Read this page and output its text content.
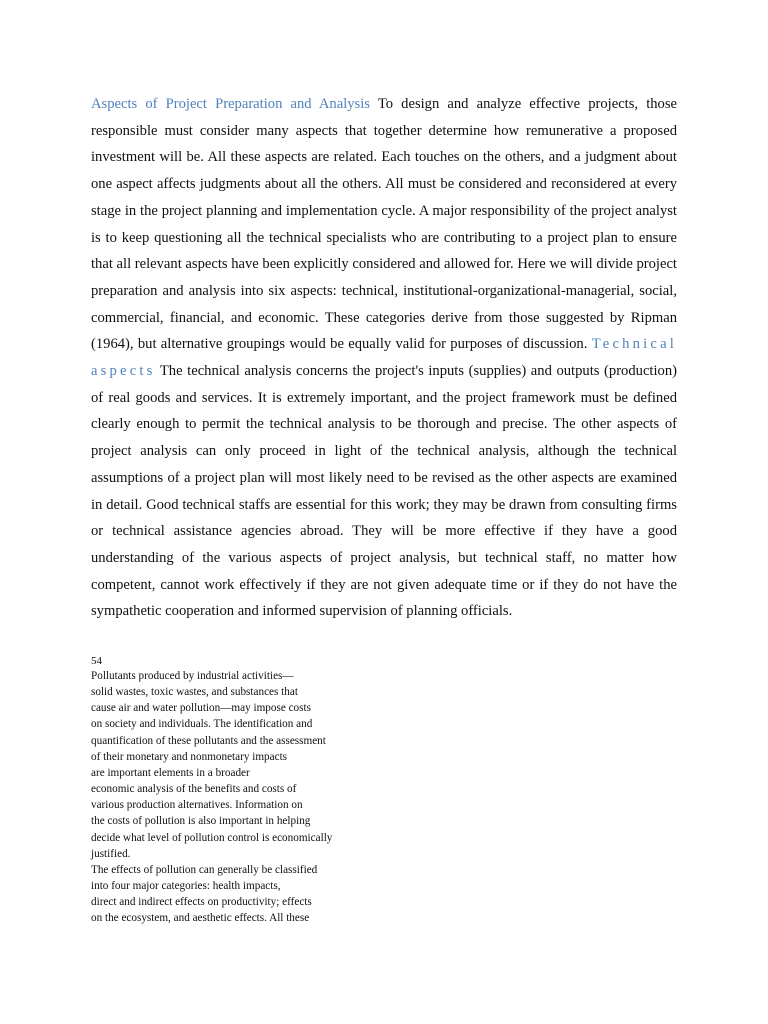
Aspects of Project Preparation and Analysis To design and analyze effective projects, those responsible must consider many aspects that together determine how remunerative a proposed investment will be. All these aspects are related. Each touches on the others, and a judgment about one aspect affects judgments about all the others. All must be considered and reconsidered at every stage in the project planning and implementation cycle. A major responsibility of the project analyst is to keep questioning all the technical specialists who are contributing to a project plan to ensure that all relevant aspects have been explicitly considered and allowed for. Here we will divide project preparation and analysis into six aspects: technical, institutional-organizational-managerial, social, commercial, financial, and economic. These categories derive from those suggested by Ripman (1964), but alternative groupings would be equally valid for purposes of discussion. Technical aspects The technical analysis concerns the project's inputs (supplies) and outputs (production) of real goods and services. It is extremely important, and the project framework must be defined clearly enough to permit the technical analysis to be thorough and precise. The other aspects of project analysis can only proceed in light of the technical analysis, although the technical assumptions of a project plan will most likely need to be revised as the other aspects are examined in detail. Good technical staffs are essential for this work; they may be drawn from consulting firms or technical assistance agencies abroad. They will be more effective if they have a good understanding of the various aspects of project analysis, but technical staff, no matter how competent, cannot work effectively if they are not given adequate time or if they do not have the sympathetic cooperation and informed supervision of planning officials.

54

Pollutants produced by industrial activities—
solid wastes, toxic wastes, and substances that
cause air and water pollution—may impose costs
on society and individuals. The identification and
quantification of these pollutants and the assessment
of their monetary and nonmonetary impacts
are important elements in a broader
economic analysis of the benefits and costs of
various production alternatives. Information on
the costs of pollution is also important in helping
decide what level of pollution control is economically
justified.
The effects of pollution can generally be classified
into four major categories: health impacts,
direct and indirect effects on productivity; effects
on the ecosystem, and aesthetic effects. All these
